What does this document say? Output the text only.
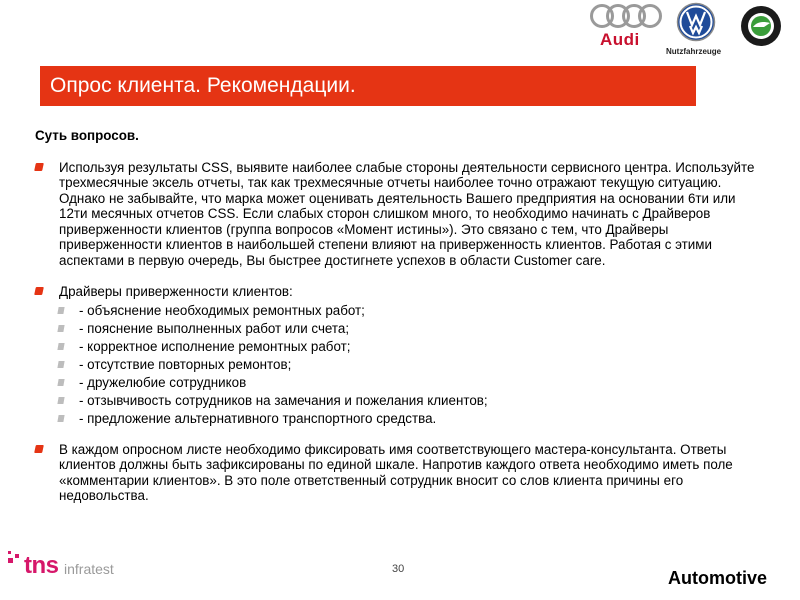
Audi
Nutzfahrzeuge
Опрос клиента. Рекомендации.
Суть вопросов.
Используя результаты CSS, выявите наиболее слабые стороны деятельности сервисного центра. Используйте трехмесячные эксель отчеты, так как трехмесячные отчеты наиболее точно отражают текущую ситуацию. Однако не забывайте, что марка может оценивать деятельность Вашего предприятия на основании 6ти или 12ти месячных отчетов CSS. Если слабых сторон слишком много, то необходимо начинать с Драйверов приверженности клиентов (группа вопросов «Момент истины»). Это связано с тем, что Драйверы приверженности клиентов в наибольшей степени влияют на приверженность клиентов. Работая с этими аспектами в первую очередь, Вы быстрее достигнете успехов в области Customer care.
Драйверы приверженности клиентов:
- объяснение необходимых ремонтных работ;
- пояснение выполненных работ или счета;
- корректное исполнение ремонтных работ;
- отсутствие повторных ремонтов;
- дружелюбие сотрудников
- отзывчивость сотрудников на замечания и пожелания клиентов;
- предложение альтернативного транспортного средства.
В каждом опросном листе необходимо фиксировать имя соответствующего мастера-консультанта. Ответы клиентов должны быть зафиксированы по единой шкале. Напротив каждого ответа необходимо иметь поле «комментарии клиентов». В это поле ответственный сотрудник вносит со слов клиента причины его недовольства.
tns infratest	30	Automotive
